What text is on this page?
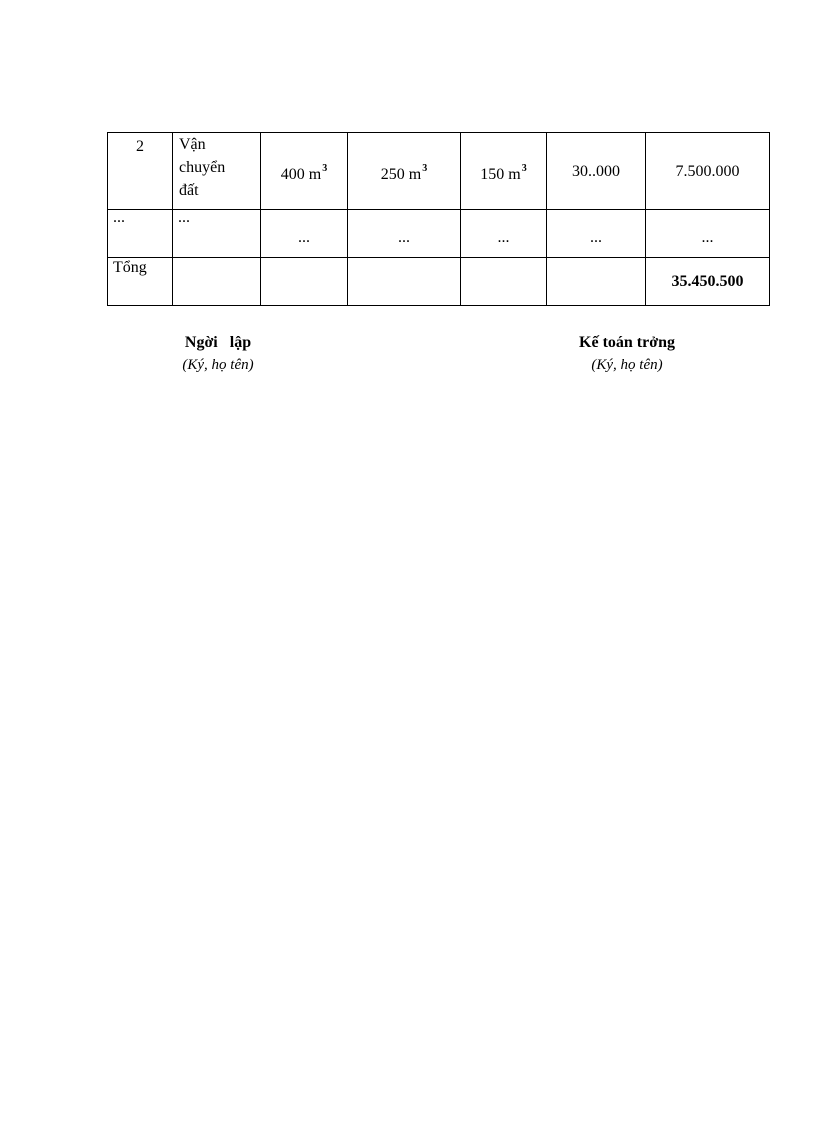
2	Vận
chuyển
đất	400 $m^3$	250 $m^3$	150 $m^3$	30..000	7.500.000

...	...	...	...	...	...	...

Tổng						35.450.500
Ngời   lập
(Ký, họ tên)
Kế toán trởng
(Ký, họ tên)
